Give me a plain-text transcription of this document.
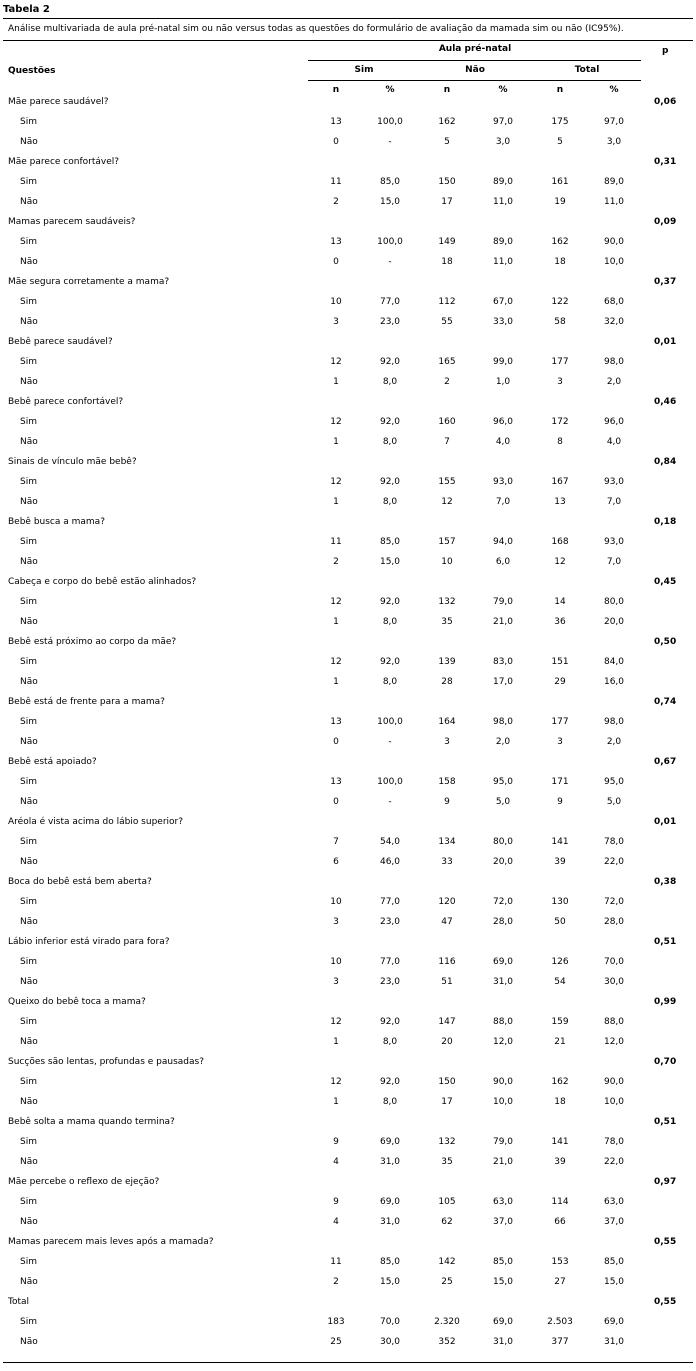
Tabela 2
Análise multivariada de aula pré-natal sim ou não versus todas as questões do formulário de avaliação da mamada sim ou não (IC95%).
Questões
Aula pré-natal	p
Sim	Não	Total
n	%	n	%	n	%
Mãe parece saudável?	0,06
Sim	13	100,0	162	97,0	175	97,0
Não	0	-	5	3,0	5	3,0
Mãe parece confortável?	0,31
Sim	11	85,0	150	89,0	161	89,0
Não	2	15,0	17	11,0	19	11,0
Mamas parecem saudáveis?	0,09
Sim	13	100,0	149	89,0	162	90,0
Não	0	-	18	11,0	18	10,0
Mãe segura corretamente a mama?	0,37
Sim	10	77,0	112	67,0	122	68,0
Não	3	23,0	55	33,0	58	32,0
Bebê parece saudável?	0,01
Sim	12	92,0	165	99,0	177	98,0
Não	1	8,0	2	1,0	3	2,0
Bebê parece confortável?	0,46
Sim	12	92,0	160	96,0	172	96,0
Não	1	8,0	7	4,0	8	4,0
Sinais de vínculo mãe bebê?	0,84
Sim	12	92,0	155	93,0	167	93,0
Não	1	8,0	12	7,0	13	7,0
Bebê busca a mama?	0,18
Sim	11	85,0	157	94,0	168	93,0
Não	2	15,0	10	6,0	12	7,0
Cabeça e corpo do bebê estão alinhados?	0,45
Sim	12	92,0	132	79,0	14	80,0
Não	1	8,0	35	21,0	36	20,0
Bebê está próximo ao corpo da mãe?	0,50
Sim	12	92,0	139	83,0	151	84,0
Não	1	8,0	28	17,0	29	16,0
Bebê está de frente para a mama?	0,74
Sim	13	100,0	164	98,0	177	98,0
Não	0	-	3	2,0	3	2,0
Bebê está apoiado?	0,67
Sim	13	100,0	158	95,0	171	95,0
Não	0	-	9	5,0	9	5,0
Aréola é vista acima do lábio superior?	0,01
Sim	7	54,0	134	80,0	141	78,0
Não	6	46,0	33	20,0	39	22,0
Boca do bebê está bem aberta?	0,38
Sim	10	77,0	120	72,0	130	72,0
Não	3	23,0	47	28,0	50	28,0
Lábio inferior está virado para fora?	0,51
Sim	10	77,0	116	69,0	126	70,0
Não	3	23,0	51	31,0	54	30,0
Queixo do bebê toca a mama?	0,99
Sim	12	92,0	147	88,0	159	88,0
Não	1	8,0	20	12,0	21	12,0
Sucções são lentas, profundas e pausadas?	0,70
Sim	12	92,0	150	90,0	162	90,0
Não	1	8,0	17	10,0	18	10,0
Bebê solta a mama quando termina?	0,51
Sim	9	69,0	132	79,0	141	78,0
Não	4	31,0	35	21,0	39	22,0
Mãe percebe o reflexo de ejeção?	0,97
Sim	9	69,0	105	63,0	114	63,0
Não	4	31,0	62	37,0	66	37,0
Mamas parecem mais leves após a mamada?	0,55
Sim	11	85,0	142	85,0	153	85,0
Não	2	15,0	25	15,0	27	15,0
Total	0,55
Sim	183	70,0	2.320	69,0	2.503	69,0
Não	25	30,0	352	31,0	377	31,0
